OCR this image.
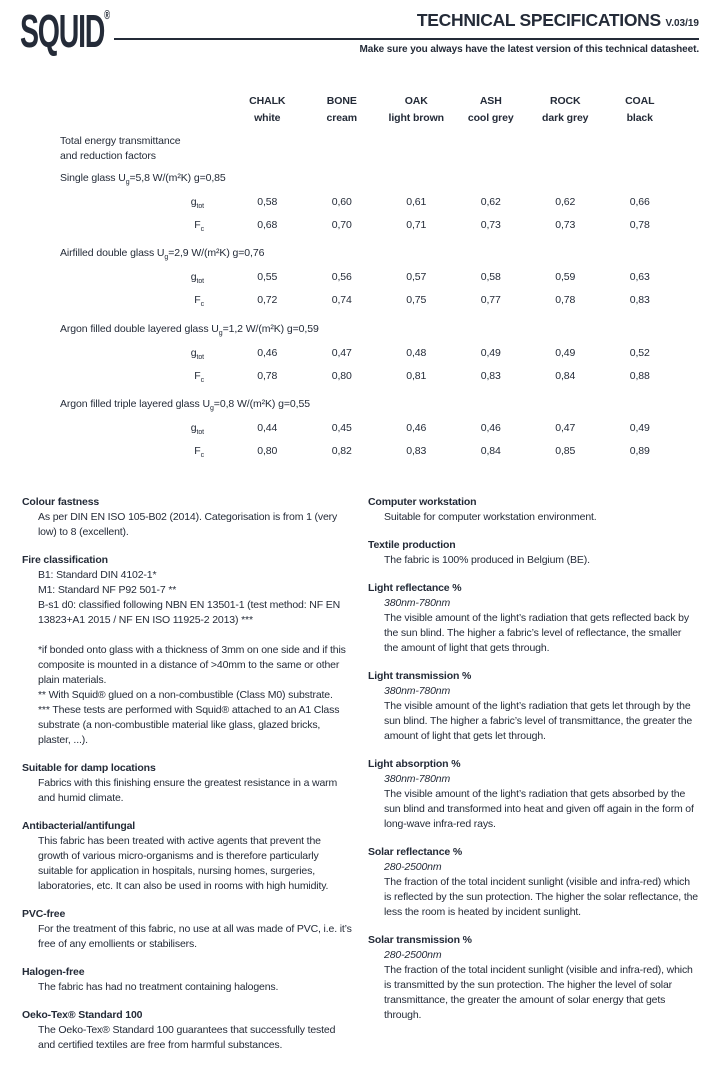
SQUID®	TECHNICAL SPECIFICATIONS V.03/19
Make sure you always have the latest version of this technical datasheet.
CHALK	BONE	OAK	ASH	ROCK	COAL
white	cream	light brown	cool grey	dark grey	black
Total energy transmittance
and reduction factors
Single glass $U_g=5,8$ W/(m²K) g=0,85
$g_{tot}$	0,58	0,60	0,61	0,62	0,62	0,66
$F_c$	0,68	0,70	0,71	0,73	0,73	0,78
Airfilled double glass $U_g=2,9$ W/(m²K) g=0,76
$g_{tot}$	0,55	0,56	0,57	0,58	0,59	0,63
$F_c$	0,72	0,74	0,75	0,77	0,78	0,83
Argon filled double layered glass $U_g=1,2$ W/(m²K) g=0,59
$g_{tot}$	0,46	0,47	0,48	0,49	0,49	0,52
$F_c$	0,78	0,80	0,81	0,83	0,84	0,88
Argon filled triple layered glass $U_g=0,8$ W/(m²K) g=0,55
$g_{tot}$	0,44	0,45	0,46	0,46	0,47	0,49
$F_c$	0,80	0,82	0,83	0,84	0,85	0,89
Colour fastness

As per DIN EN ISO 105-B02 (2014). Categorisation is from 1 (very low) to 8 (excellent).

Fire classification

B1: Standard DIN 4102-1*

M1: Standard NF P92 501-7 **

B-s1 d0: classified following NBN EN 13501-1 (test method: NF EN 13823+A1 2015 / NF EN ISO 11925-2 2013) ***

*if bonded onto glass with a thickness of 3mm on one side and if this composite is mounted in a distance of >40mm to the same or other plain materials.

** With Squid® glued on a non-combustible (Class M0) substrate.

*** These tests are performed with Squid® attached to an A1 Class substrate (a non-combustible material like glass, glazed bricks, plaster, ...).

Suitable for damp locations

Fabrics with this finishing ensure the greatest resistance in a warm and humid climate.

Antibacterial/antifungal

This fabric has been treated with active agents that prevent the growth of various micro-organisms and is therefore particularly suitable for application in hospitals, nursing homes, surgeries, laboratories, etc. It can also be used in rooms with high humidity.

PVC-free

For the treatment of this fabric, no use at all was made of PVC, i.e. it’s free of any emollients or stabilisers.

Halogen-free

The fabric has had no treatment containing halogens.

Oeko-Tex® Standard 100

The Oeko-Tex® Standard 100 guarantees that successfully tested and certified textiles are free from harmful substances.

Computer workstation

Suitable for computer workstation environment.

Textile production

The fabric is 100% produced in Belgium (BE).

Light reflectance %

380nm-780nm

The visible amount of the light’s radiation that gets reflected back by the sun blind. The higher a fabric’s level of reflectance, the smaller the amount of light that gets through.

Light transmission %

380nm-780nm

The visible amount of the light’s radiation that gets let through by the sun blind. The higher a fabric’s level of transmittance, the greater the amount of light that gets let through.

Light absorption %

380nm-780nm

The visible amount of the light’s radiation that gets absorbed by the sun blind and transformed into heat and given off again in the form of long-wave infra-red rays.

Solar reflectance %

280-2500nm

The fraction of the total incident sunlight (visible and infra-red) which is reflected by the sun protection. The higher the solar reflectance, the less the room is heated by incident sunlight.

Solar transmission %

280-2500nm

The fraction of the total incident sunlight (visible and infra-red), which is transmitted by the sun protection. The higher the level of solar transmittance, the greater the amount of solar energy that gets through.
